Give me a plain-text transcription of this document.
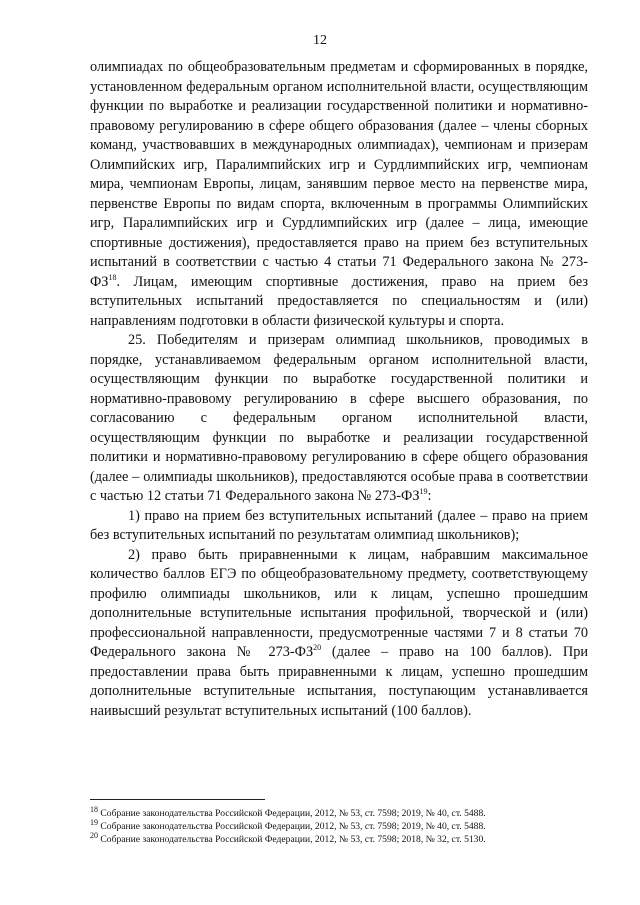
12

олимпиадах по общеобразовательным предметам и сформированных в порядке, установленном федеральным органом исполнительной власти, осуществляющим функции по выработке и реализации государственной политики и нормативно-правовому регулированию в сфере общего образования (далее – члены сборных команд, участвовавших в международных олимпиадах), чемпионам и призерам Олимпийских игр, Паралимпийских игр и Сурдлимпийских игр, чемпионам мира, чемпионам Европы, лицам, занявшим первое место на первенстве мира, первенстве Европы по видам спорта, включенным в программы Олимпийских игр, Паралимпийских игр и Сурдлимпийских игр (далее – лица, имеющие спортивные достижения), предоставляется право на прием без вступительных испытаний в соответствии с частью 4 статьи 71 Федерального закона № 273-ФЗ$^{18}$. Лицам, имеющим спортивные достижения, право на прием без вступительных испытаний предоставляется по специальностям и (или) направлениям подготовки в области физической культуры и спорта.

25. Победителям и призерам олимпиад школьников, проводимых в порядке, устанавливаемом федеральным органом исполнительной власти, осуществляющим функции по выработке государственной политики и нормативно-правовому регулированию в сфере высшего образования, по согласованию с федеральным органом исполнительной власти, осуществляющим функции по выработке и реализации государственной политики и нормативно-правовому регулированию в сфере общего образования (далее – олимпиады школьников), предоставляются особые права в соответствии с частью 12 статьи 71 Федерального закона № 273-ФЗ$^{19}$:

1) право на прием без вступительных испытаний (далее – право на прием без вступительных испытаний по результатам олимпиад школьников);

2) право быть приравненными к лицам, набравшим максимальное количество баллов ЕГЭ по общеобразовательному предмету, соответствующему профилю олимпиады школьников, или к лицам, успешно прошедшим дополнительные вступительные испытания профильной, творческой и (или) профессиональной направленности, предусмотренные частями 7 и 8 статьи 70 Федерального закона № 273-ФЗ$^{20}$ (далее – право на 100 баллов). При предоставлении права быть приравненными к лицам, успешно прошедшим дополнительные вступительные испытания, поступающим устанавливается наивысший результат вступительных испытаний (100 баллов).

$^{18}$ Собрание законодательства Российской Федерации, 2012, № 53, ст. 7598; 2019, № 40, ст. 5488.

$^{19}$ Собрание законодательства Российской Федерации, 2012, № 53, ст. 7598; 2019, № 40, ст. 5488.

$^{20}$ Собрание законодательства Российской Федерации, 2012, № 53, ст. 7598; 2018, № 32, ст. 5130.
